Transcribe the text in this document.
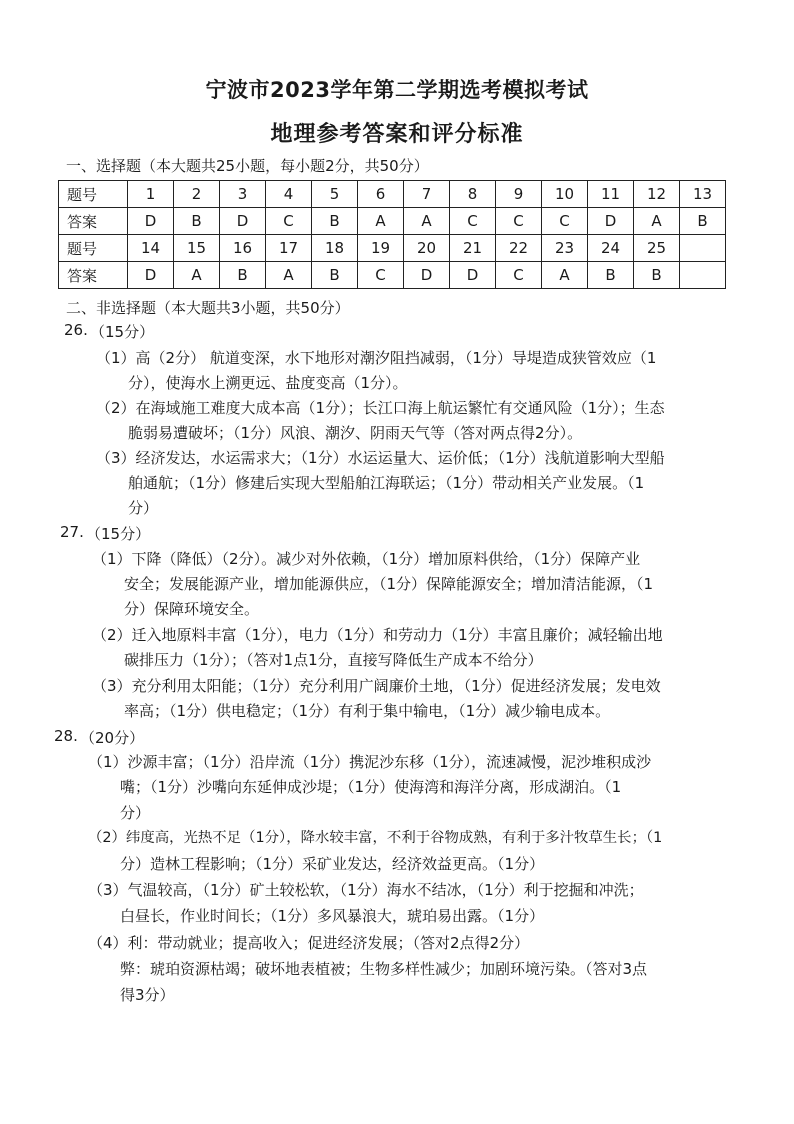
宁波市2023学年第二学期选考模拟考试
地理参考答案和评分标准
一、选择题（本大题共25小题，每小题2分，共50分）
题号	1	2	3	4	5	6	7	8	9	10	11	12	13
答案	D	B	D	C	B	A	A	C	C	C	D	A	B
题号	14	15	16	17	18	19	20	21	22	23	24	25	
答案	D	A	B	A	B	C	D	D	C	A	B	B	
二、非选择题（本大题共3小题，共50分）
26. （15分）
（1）高（2分） 航道变深，水下地形对潮汐阻挡减弱，（1分）导堤造成狭管效应（1
分），使海水上溯更远、盐度变高（1分）。
（2）在海域施工难度大成本高（1分）；长江口海上航运繁忙有交通风险（1分）；生态
脆弱易遭破坏；（1分）风浪、潮汐、阴雨天气等（答对两点得2分）。
（3）经济发达，水运需求大；（1分）水运运量大、运价低；（1分）浅航道影响大型船
舶通航；（1分）修建后实现大型船舶江海联运；（1分）带动相关产业发展。（1
分）
27. （15分）
（1）下降（降低）（2分）。减少对外依赖，（1分）增加原料供给，（1分）保障产业
安全；发展能源产业，增加能源供应，（1分）保障能源安全；增加清洁能源，（1
分）保障环境安全。
（2）迁入地原料丰富（1分），电力（1分）和劳动力（1分）丰富且廉价；减轻输出地
碳排压力（1分）；（答对1点1分，直接写降低生产成本不给分）
（3）充分利用太阳能；（1分）充分利用广阔廉价土地，（1分）促进经济发展；发电效
率高；（1分）供电稳定；（1分）有利于集中输电，（1分）减少输电成本。
28. （20分）
（1）沙源丰富；（1分）沿岸流（1分）携泥沙东移（1分），流速减慢，泥沙堆积成沙
嘴；（1分）沙嘴向东延伸成沙堤；（1分）使海湾和海洋分离，形成湖泊。（1
分）
（2）纬度高，光热不足（1分），降水较丰富，不利于谷物成熟，有利于多汁牧草生长；（1
分）造林工程影响；（1分）采矿业发达，经济效益更高。（1分）
（3）气温较高，（1分）矿土较松软，（1分）海水不结冰，（1分）利于挖掘和冲洗；
白昼长，作业时间长；（1分）多风暴浪大，琥珀易出露。（1分）
（4）利：带动就业；提高收入；促进经济发展；（答对2点得2分）
弊：琥珀资源枯竭；破坏地表植被；生物多样性减少；加剧环境污染。（答对3点
得3分）
